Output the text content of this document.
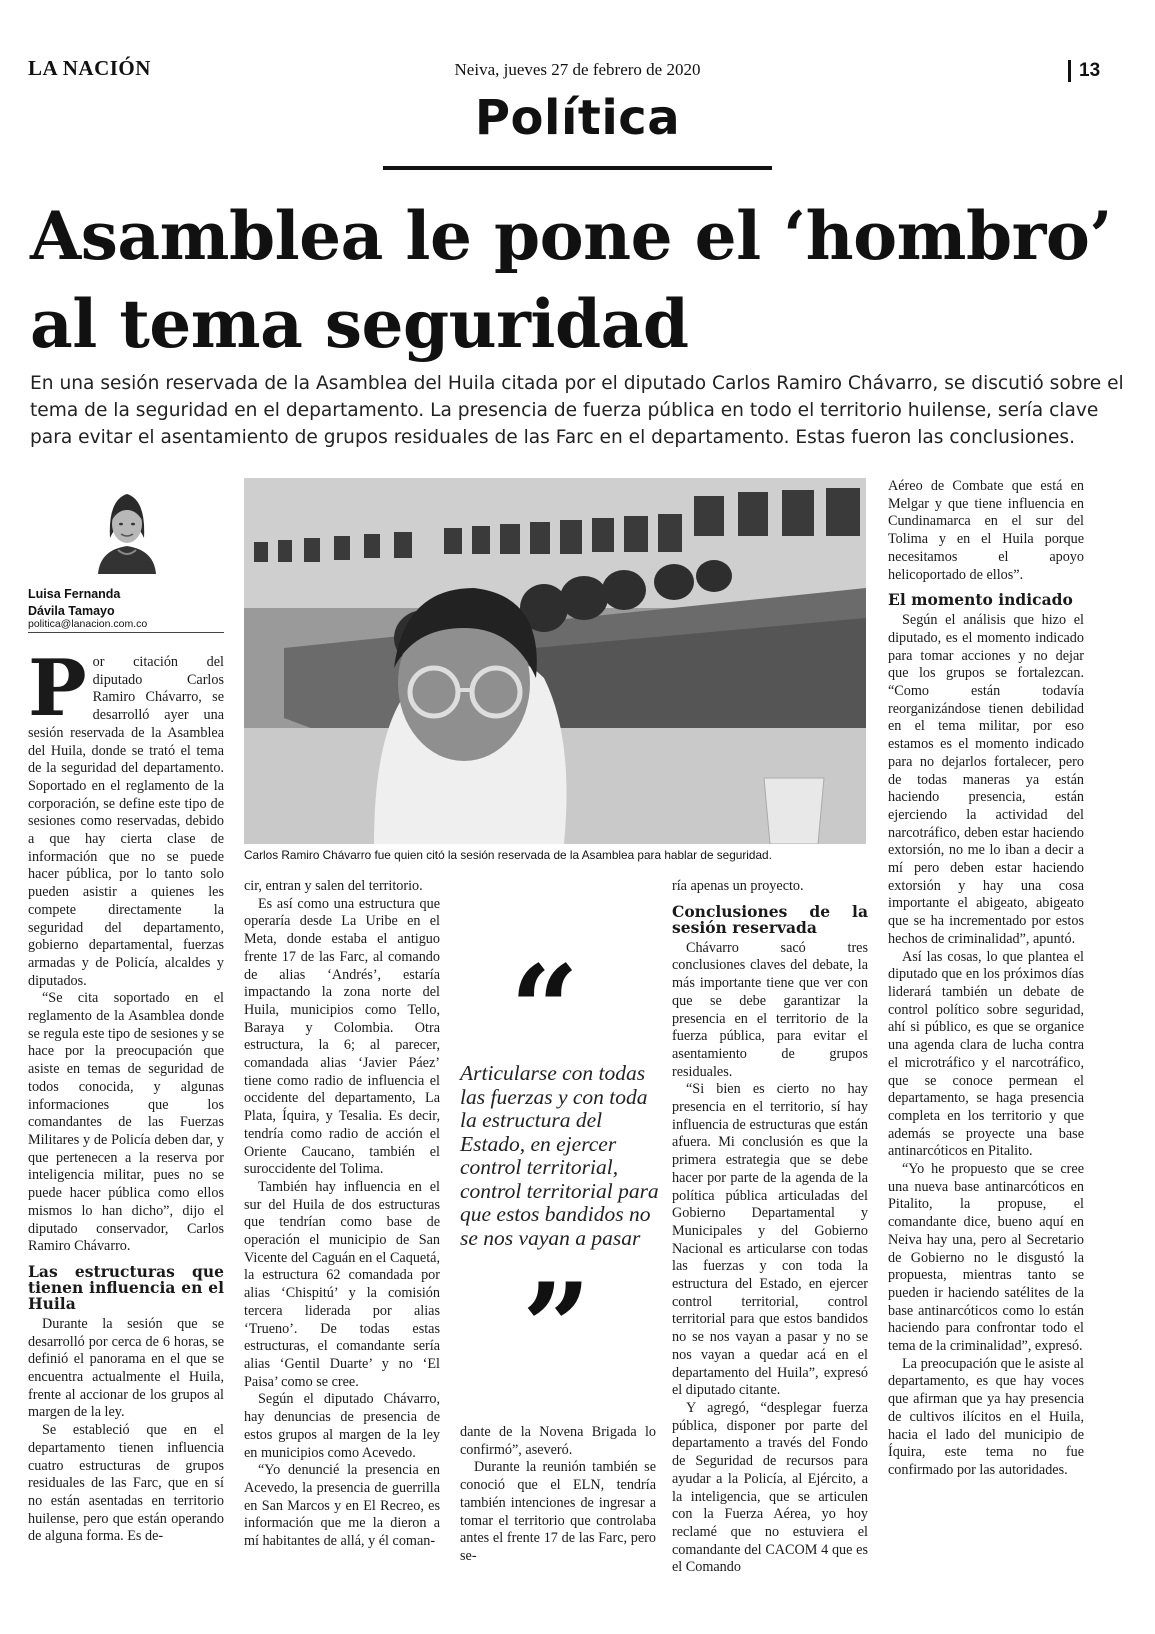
LA NACIÓN	Neiva, jueves 27 de febrero de 2020	13
Política
Asamblea le pone el ‘hombro’ al tema seguridad
En una sesión reservada de la Asamblea del Huila citada por el diputado Carlos Ramiro Chávarro, se discutió sobre el tema de la seguridad en el departamento. La presencia de fuerza pública en todo el territorio huilense, sería clave para evitar el asentamiento de grupos residuales de las Farc en el departamento. Estas fueron las conclusiones.
Luisa Fernanda
Dávila Tamayo
politica@lanacion.com.co
Carlos Ramiro Chávarro fue quien citó la sesión reservada de la Asamblea para hablar de seguridad.
P or citación del diputado Carlos Ramiro Chávarro, se desarrolló ayer una sesión reservada de la Asamblea del Huila, donde se trató el tema de la seguridad del departamento. Soportado en el reglamento de la corporación, se define este tipo de sesiones como reservadas, debido a que hay cierta clase de información que no se puede hacer pública, por lo tanto solo pueden asistir a quienes les compete directamente la seguridad del departamento, gobierno departamental, fuerzas armadas y de Policía, alcaldes y diputados.

“Se cita soportado en el reglamento de la Asamblea donde se regula este tipo de sesiones y se hace por la preocupación que asiste en temas de seguridad de todos conocida, y algunas informaciones que los comandantes de las Fuerzas Militares y de Policía deben dar, y que pertenecen a la reserva por inteligencia militar, pues no se puede hacer pública como ellos mismos lo han dicho”, dijo el diputado conservador, Carlos Ramiro Chávarro.

Las estructuras que tienen influencia en el Huila

Durante la sesión que se desarrolló por cerca de 6 horas, se definió el panorama en el que se encuentra actualmente el Huila, frente al accionar de los grupos al margen de la ley.

Se estableció que en el departamento tienen influencia cuatro estructuras de grupos residuales de las Farc, que en sí no están asentadas en territorio huilense, pero que están operando de alguna forma. Es de-

cir, entran y salen del territorio.

Es así como una estructura que operaría desde La Uribe en el Meta, donde estaba el antiguo frente 17 de las Farc, al comando de alias ‘Andrés’, estaría impactando la zona norte del Huila, municipios como Tello, Baraya y Colombia. Otra estructura, la 6; al parecer, comandada alias ‘Javier Páez’ tiene como radio de influencia el occidente del departamento, La Plata, Íquira, y Tesalia. Es decir, tendría como radio de acción el Oriente Caucano, también el suroccidente del Tolima.

También hay influencia en el sur del Huila de dos estructuras que tendrían como base de operación el municipio de San Vicente del Caguán en el Caquetá, la estructura 62 comandada por alias ‘Chispitú’ y la comisión tercera liderada por alias ‘Trueno’. De todas estas estructuras, el comandante sería alias ‘Gentil Duarte’ y no ‘El Paisa’ como se cree.

Según el diputado Chávarro, hay denuncias de presencia de estos grupos al margen de la ley en municipios como Acevedo.

“Yo denuncié la presencia en Acevedo, la presencia de guerrilla en San Marcos y en El Recreo, es información que me la dieron a mí habitantes de allá, y él coman-

“
Articularse con todas las fuerzas y con toda la estructura del Estado, en ejercer control territorial, control territorial para que estos bandidos no se nos vayan a pasar
”

dante de la Novena Brigada lo confirmó”, aseveró.

Durante la reunión también se conoció que el ELN, tendría también intenciones de ingresar a tomar el territorio que controlaba antes el frente 17 de las Farc, pero se-

ría apenas un proyecto.

Conclusiones de la sesión reservada

Chávarro sacó tres conclusiones claves del debate, la más importante tiene que ver con que se debe garantizar la presencia en el territorio de la fuerza pública, para evitar el asentamiento de grupos residuales.

“Si bien es cierto no hay presencia en el territorio, sí hay influencia de estructuras que están afuera. Mi conclusión es que la primera estrategia que se debe hacer por parte de la agenda de la política pública articuladas del Gobierno Departamental y Municipales y del Gobierno Nacional es articularse con todas las fuerzas y con toda la estructura del Estado, en ejercer control territorial, control territorial para que estos bandidos no se nos vayan a pasar y no se nos vayan a quedar acá en el departamento del Huila”, expresó el diputado citante.

Y agregó, “desplegar fuerza pública, disponer por parte del departamento a través del Fondo de Seguridad de recursos para ayudar a la Policía, al Ejército, a la inteligencia, que se articulen con la Fuerza Aérea, yo hoy reclamé que no estuviera el comandante del CACOM 4 que es el Comando

Aéreo de Combate que está en Melgar y que tiene influencia en Cundinamarca en el sur del Tolima y en el Huila porque necesitamos el apoyo helicoportado de ellos”.

El momento indicado

Según el análisis que hizo el diputado, es el momento indicado para tomar acciones y no dejar que los grupos se fortalezcan. “Como están todavía reorganizándose tienen debilidad en el tema militar, por eso estamos es el momento indicado para no dejarlos fortalecer, pero de todas maneras ya están haciendo presencia, están ejerciendo la actividad del narcotráfico, deben estar haciendo extorsión, no me lo iban a decir a mí pero deben estar haciendo extorsión y hay una cosa importante el abigeato, abigeato que se ha incrementado por estos hechos de criminalidad”, apuntó.

Así las cosas, lo que plantea el diputado que en los próximos días liderará también un debate de control político sobre seguridad, ahí si público, es que se organice una agenda clara de lucha contra el microtráfico y el narcotráfico, que se conoce permean el departamento, se haga presencia completa en los territorio y que además se proyecte una base antinarcóticos en Pitalito.

“Yo he propuesto que se cree una nueva base antinarcóticos en Pitalito, la propuse, el comandante dice, bueno aquí en Neiva hay una, pero al Secretario de Gobierno no le disgustó la propuesta, mientras tanto se pueden ir haciendo satélites de la base antinarcóticos como lo están haciendo para confrontar todo el tema de la criminalidad”, expresó.

La preocupación que le asiste al departamento, es que hay voces que afirman que ya hay presencia de cultivos ilícitos en el Huila, hacia el lado del municipio de Íquira, este tema no fue confirmado por las autoridades.
